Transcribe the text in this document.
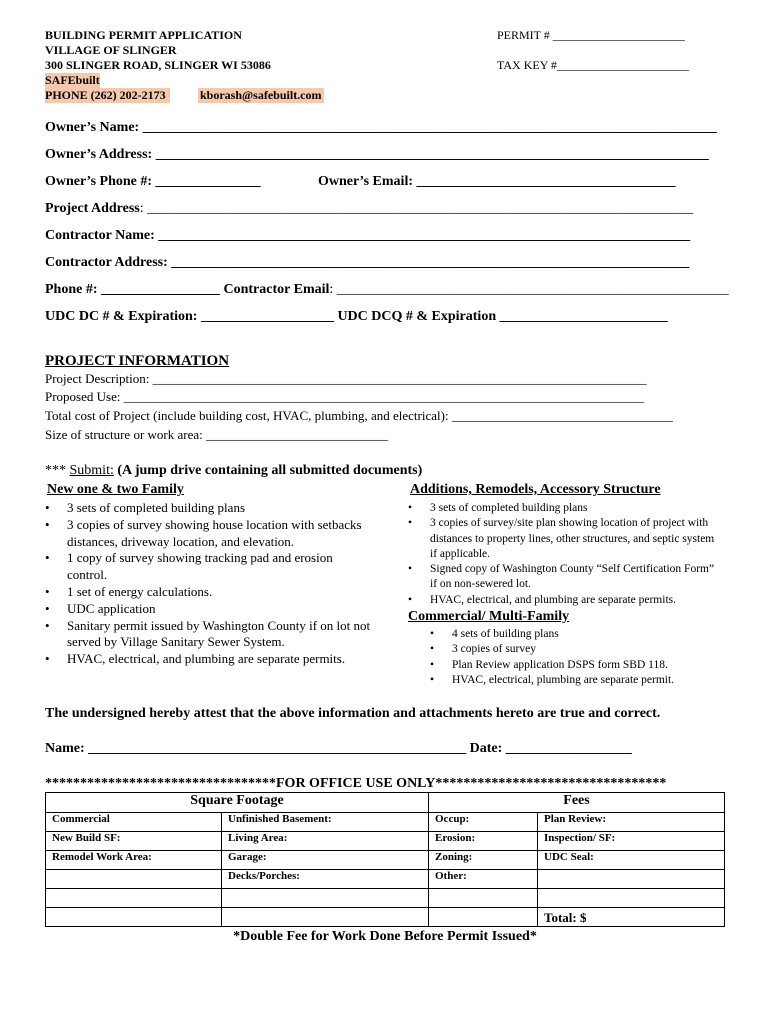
BUILDING PERMIT APPLICATION
VILLAGE OF SLINGER
300 SLINGER ROAD, SLINGER WI 53086
SAFEbuilt
PHONE (262) 202-2173	kborash@safebuilt.com
PERMIT # ______________________
TAX KEY #______________________
Owner’s Name: __________________________________________________________________________________
Owner’s Address: _______________________________________________________________________________
Owner’s Phone #: _______________	Owner’s Email: _____________________________________
Project Address: ______________________________________________________________________________
Contractor Name: ____________________________________________________________________________
Contractor Address: __________________________________________________________________________
Phone #: _________________ Contractor Email: ________________________________________________________
UDC DC # & Expiration: ___________________ UDC DCQ # & Expiration ________________________
PROJECT INFORMATION
Project Description: ____________________________________________________________________________
Proposed Use: ________________________________________________________________________________
Total cost of Project (include building cost, HVAC, plumbing, and electrical): __________________________________
Size of structure or work area: ____________________________
*** Submit: (A jump drive containing all submitted documents)
New one & two Family
• 3 sets of completed building plans
• 3 copies of survey showing house location with setbacks distances, driveway location, and elevation.
• 1 copy of survey showing tracking pad and erosion control.
• 1 set of energy calculations.
• UDC application
• Sanitary permit issued by Washington County if on lot not served by Village Sanitary Sewer System.
• HVAC, electrical, and plumbing are separate permits.
Additions, Remodels, Accessory Structure
• 3 sets of completed building plans
• 3 copies of survey/site plan showing location of project with distances to property lines, other structures, and septic system if applicable.
• Signed copy of Washington County “Self Certification Form” if on non-sewered lot.
• HVAC, electrical, and plumbing are separate permits.
Commercial/ Multi-Family
• 4 sets of building plans
• 3 copies of survey
• Plan Review application DSPS form SBD 118.
• HVAC, electrical, plumbing are separate permit.
The undersigned hereby attest that the above information and attachments hereto are true and correct.
Name: ______________________________________________________ Date: __________________
*********************************FOR OFFICE USE ONLY*********************************
Square Footage		Fees	
Commercial	Unfinished Basement:	Occup:	Plan Review:
New Build SF:	Living Area:	Erosion:	Inspection/ SF:
Remodel Work Area:	Garage:	Zoning:	UDC Seal:
	Decks/Porches:	Other:	

			Total: $
*Double Fee for Work Done Before Permit Issued*
